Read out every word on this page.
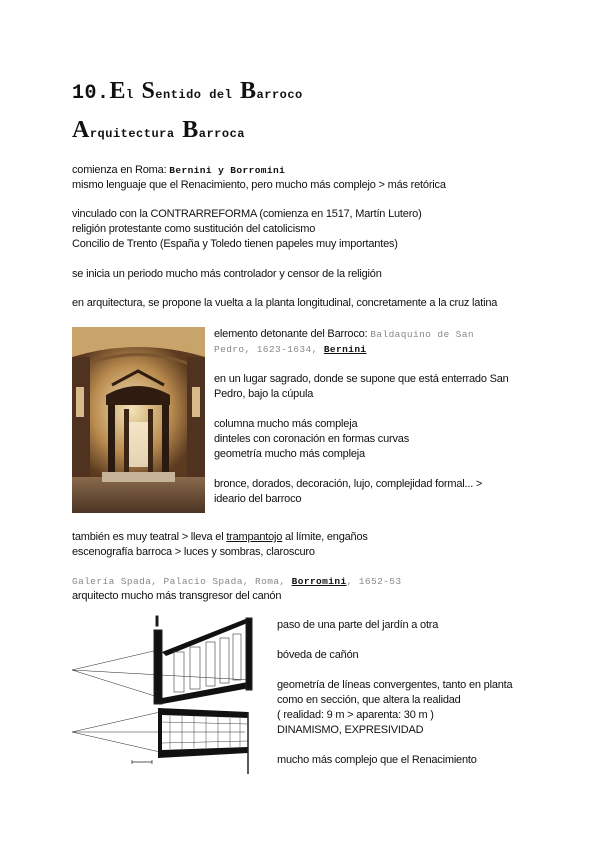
10.El Sentido del Barroco
Arquitectura Barroca
comienza en Roma: Bernini y Borromini
mismo lenguaje que el Renacimiento, pero mucho más complejo > más retórica
vinculado con la CONTRARREFORMA (comienza en 1517, Martín Lutero)
religión protestante como sustitución del catolicismo
Concilio de Trento (España y Toledo tienen papeles muy importantes)
se inicia un periodo mucho más controlador y censor de la religión
en arquitectura, se propone la vuelta a la planta longitudinal, concretamente a la cruz latina
elemento detonante del Barroco: Baldaquino de San
Pedro, 1623-1634, Bernini
en un lugar sagrado, donde se supone que está enterrado San
Pedro, bajo la cúpula
columna mucho más compleja
dinteles con coronación en formas curvas
geometría mucho más compleja
bronce, dorados, decoración, lujo, complejidad formal... >
ideario del barroco
también es muy teatral > lleva el trampantojo al límite, engaños
escenografía barroca > luces y sombras, claroscuro
Galería Spada, Palacio Spada, Roma, Borromini, 1652-53
arquitecto mucho más transgresor del canón
paso de una parte del jardín a otra
bóveda de cañón
geometría de líneas convergentes, tanto en planta
como en sección, que altera la realidad
( realidad: 9 m > aparenta: 30 m )
DINAMISMO, EXPRESIVIDAD
mucho más complejo que el Renacimiento
